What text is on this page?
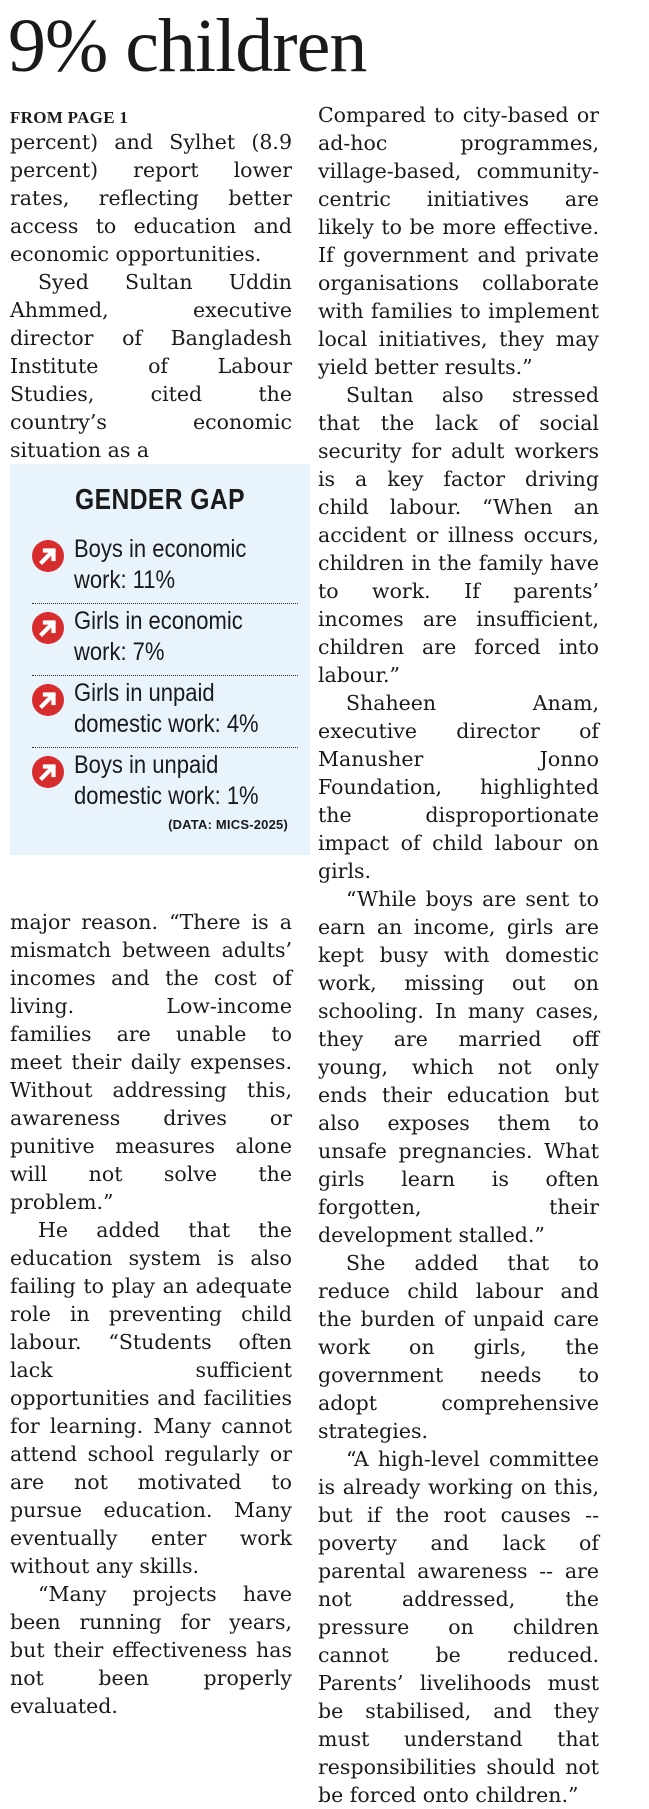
9% children

FROM PAGE 1

percent) and Sylhet (8.9 percent) report lower rates, reflecting better access to education and economic opportunities.

Syed Sultan Uddin Ahmmed, executive director of Bangladesh Institute of Labour Studies, cited the country’s economic situation as a

GENDER GAP
Boys in economic work: 11%
Girls in economic work: 7%
Girls in unpaid domestic work: 4%
Boys in unpaid domestic work: 1%
(DATA: MICS-2025)

major reason. “There is a mismatch between adults’ incomes and the cost of living. Low-income families are unable to meet their daily expenses. Without addressing this, awareness drives or punitive measures alone will not solve the problem.”

He added that the education system is also failing to play an adequate role in preventing child labour. “Students often lack sufficient opportunities and facilities for learning. Many cannot attend school regularly or are not motivated to pursue education. Many eventually enter work without any skills.

“Many projects have been running for years, but their effectiveness has not been properly evaluated.

Compared to city-based or ad-hoc programmes, village-based, community-centric initiatives are likely to be more effective. If government and private organisations collaborate with families to implement local initiatives, they may yield better results.”

Sultan also stressed that the lack of social security for adult workers is a key factor driving child labour. “When an accident or illness occurs, children in the family have to work. If parents’ incomes are insufficient, children are forced into labour.”

Shaheen Anam, executive director of Manusher Jonno Foundation, highlighted the disproportionate impact of child labour on girls.

“While boys are sent to earn an income, girls are kept busy with domestic work, missing out on schooling. In many cases, they are married off young, which not only ends their education but also exposes them to unsafe pregnancies. What girls learn is often forgotten, their development stalled.”

She added that to reduce child labour and the burden of unpaid care work on girls, the government needs to adopt comprehensive strategies.

“A high-level committee is already working on this, but if the root causes -- poverty and lack of parental awareness -- are not addressed, the pressure on children cannot be reduced. Parents’ livelihoods must be stabilised, and they must understand that responsibilities should not be forced onto children.”
